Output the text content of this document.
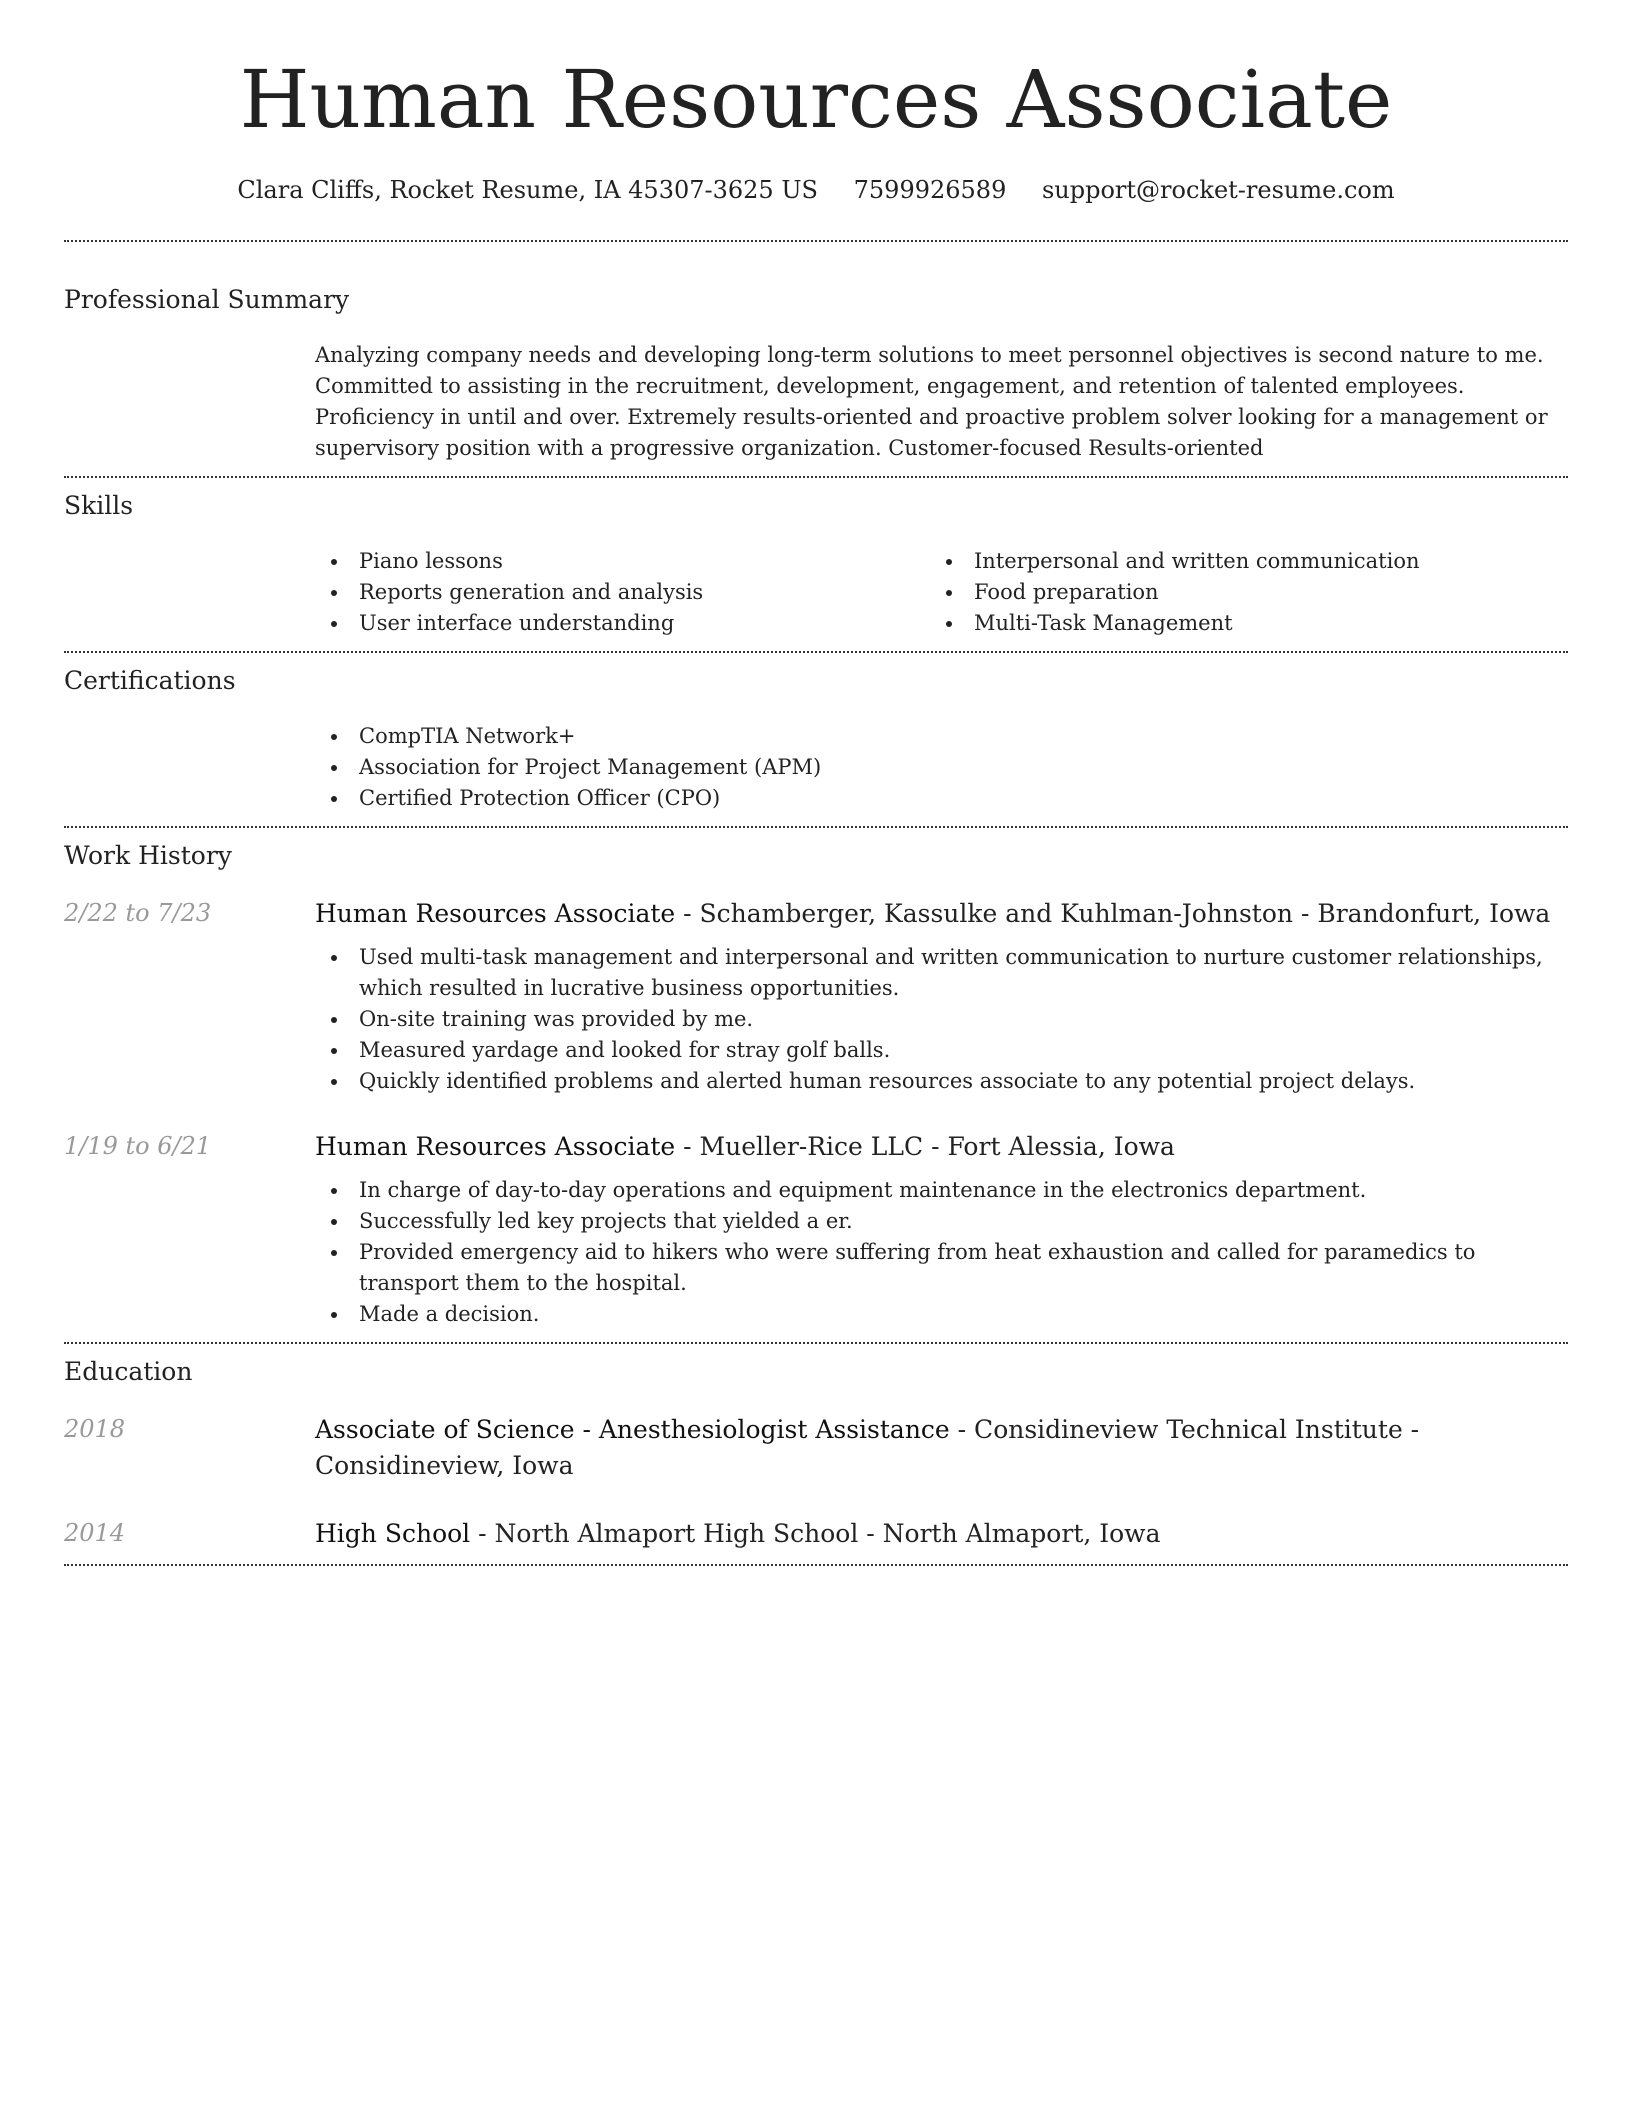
Human Resources Associate
Clara Cliffs, Rocket Resume, IA 45307-3625 US 7599926589 support@rocket-resume.com
Professional Summary

Analyzing company needs and developing long-term solutions to meet personnel objectives is second nature to me. Committed to assisting in the recruitment, development, engagement, and retention of talented employees. Proficiency in until and over. Extremely results-oriented and proactive problem solver looking for a management or supervisory position with a progressive organization. Customer-focused Results-oriented

Skills
Piano lessons
Reports generation and analysis
User interface understanding
Interpersonal and written communication
Food preparation
Multi-Task Management
Certifications
CompTIA Network+
Association for Project Management (APM)
Certified Protection Officer (CPO)
Work History
2/22 to 7/23	Human Resources Associate - Schamberger, Kassulke and Kuhlman-Johnston - Brandonfurt, Iowa
Used multi-task management and interpersonal and written communication to nurture customer relationships, which resulted in lucrative business opportunities.
On-site training was provided by me.
Measured yardage and looked for stray golf balls.
Quickly identified problems and alerted human resources associate to any potential project delays.
1/19 to 6/21	Human Resources Associate - Mueller-Rice LLC - Fort Alessia, Iowa
In charge of day-to-day operations and equipment maintenance in the electronics department.
Successfully led key projects that yielded a er.
Provided emergency aid to hikers who were suffering from heat exhaustion and called for paramedics to transport them to the hospital.
Made a decision.
Education
2018	Associate of Science - Anesthesiologist Assistance - Considineview Technical Institute - Considineview, Iowa
2014	High School - North Almaport High School - North Almaport, Iowa
